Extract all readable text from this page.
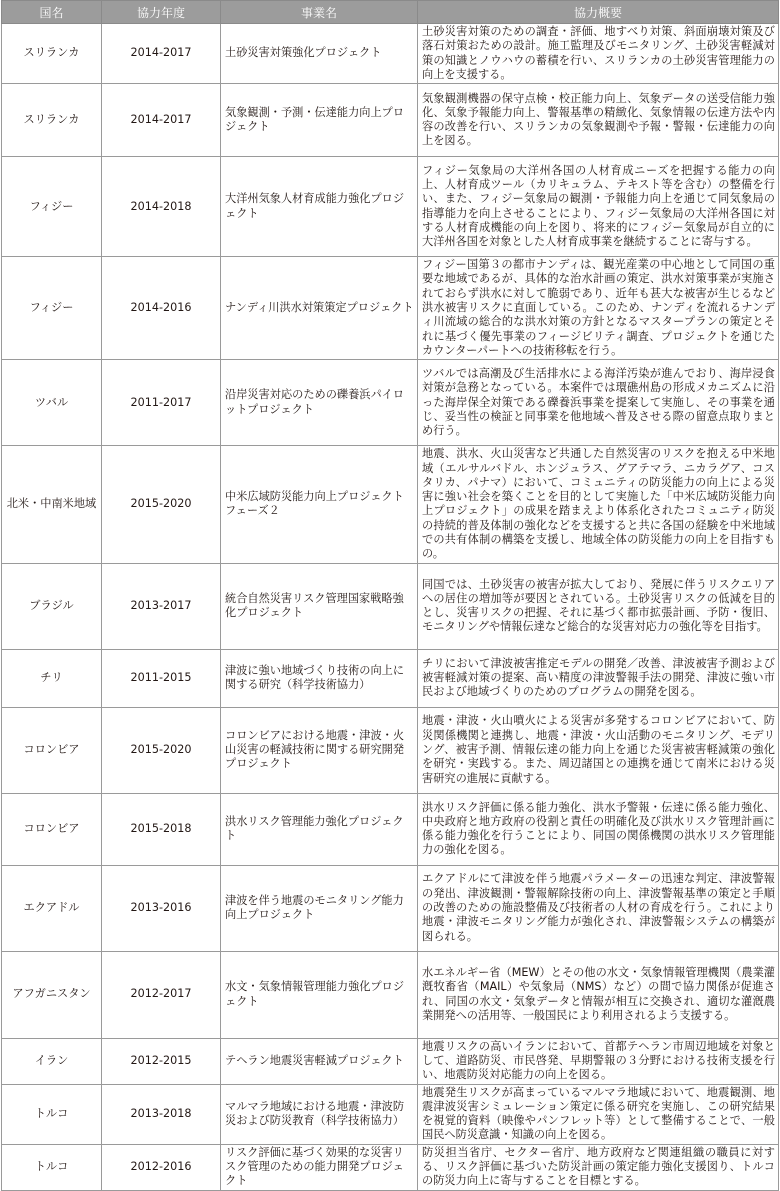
国名	協力年度	事業名	協力概要
スリランカ	2014-2017	土砂災害対策強化プロジェクト	土砂災害対策のための調査・評価、地すべり対策、斜面崩壊対策及び落石対策おための設計。施工監理及びモニタリング、土砂災害軽減対策の知識とノウハウの蓄積を行い、スリランカの土砂災害管理能力の向上を支援する。
スリランカ	2014-2017	気象観測・予測・伝達能力向上プロジェクト	気象観測機器の保守点検・校正能力向上、気象データの送受信能力強化、気象予報能力向上、警報基準の精緻化、気象情報の伝達方法や内容の改善を行い、スリランカの気象観測や予報・警報・伝達能力の向上を図る。
フィジー	2014-2018	大洋州気象人材育成能力強化プロジェクト	フィジー気象局の大洋州各国の人材育成ニーズを把握する能力の向上、人材育成ツール（カリキュラム、テキスト等を含む）の整備を行い、また、フィジー気象局の観測・予報能力向上を通じて同気象局の指導能力を向上させることにより、フィジー気象局の大洋州各国に対する人材育成機能の向上を図り、将来的にフィジー気象局が自立的に大洋州各国を対象とした人材育成事業を継続することに寄与する。
フィジー	2014-2016	ナンディ川洪水対策策定プロジェクト	フィジー国第３の都市ナンディは、観光産業の中心地として同国の重要な地域であるが、具体的な治水計画の策定、洪水対策事業が実施されておらず洪水に対して脆弱であり、近年も甚大な被害が生じるなど洪水被害リスクに直面している。このため、ナンディを流れるナンディ川流域の総合的な洪水対策の方針となるマスタープランの策定とそれに基づく優先事業のフィージビリティ調査、プロジェクトを通じたカウンターパートへの技術移転を行う。
ツバル	2011-2017	沿岸災害対応のための礫養浜パイロットプロジェクト	ツバルでは高潮及び生活排水による海洋汚染が進んでおり、海岸浸食対策が急務となっている。本案件では環礁州島の形成メカニズムに沿った海岸保全対策である礫養浜事業を提案して実施し、その事業を通じ、妥当性の検証と同事業を他地域へ普及させる際の留意点取りまとめ行う。
北米・中南米地域	2015-2020	中米広域防災能力向上プロジェクトフェーズ２	地震、洪水、火山災害など共通した自然災害のリスクを抱える中米地域（エルサルバドル、ホンジュラス、グアテマラ、ニカラグア、コスタリカ、パナマ）において、コミュニティの防災能力の向上による災害に強い社会を築くことを目的として実施した「中米広域防災能力向上プロジェクト」の成果を踏まえより体系化されたコミュニティ防災の持続的普及体制の強化などを支援すると共に各国の経験を中米地域での共有体制の構築を支援し、地域全体の防災能力の向上を目指すもの。
ブラジル	2013-2017	統合自然災害リスク管理国家戦略強化プロジェクト	同国では、土砂災害の被害が拡大しており、発展に伴うリスクエリアへの居住の増加等が要因とされている。土砂災害リスクの低減を目的とし、災害リスクの把握、それに基づく都市拡張計画、予防・復旧、モニタリングや情報伝達など総合的な災害対応力の強化等を目指す。
チリ	2011-2015	津波に強い地域づくり技術の向上に関する研究（科学技術協力）	チリにおいて津波被害推定モデルの開発／改善、津波被害予測および被害軽減対策の提案、高い精度の津波警報手法の開発、津波に強い市民および地域づくりのためのプログラムの開発を図る。
コロンビア	2015-2020	コロンビアにおける地震・津波・火山災害の軽減技術に関する研究開発プロジェクト	地震・津波・火山噴火による災害が多発するコロンビアにおいて、防災関係機関と連携し、地震・津波・火山活動のモニタリング、モデリング、被害予測、情報伝達の能力向上を通じた災害被害軽減策の強化を研究・実践する。また、周辺諸国との連携を通じて南米における災害研究の進展に貢献する。
コロンビア	2015-2018	洪水リスク管理能力強化プロジェクト	洪水リスク評価に係る能力強化、洪水予警報・伝達に係る能力強化、中央政府と地方政府の役割と責任の明確化及び洪水リスク管理計画に係る能力強化を行うことにより、同国の関係機関の洪水リスク管理能力の強化を図る。
エクアドル	2013-2016	津波を伴う地震のモニタリング能力向上プロジェクト	エクアドルにて津波を伴う地震パラメーターの迅速な判定、津波警報の発出、津波観測・警報解除技術の向上、津波警報基準の策定と手順の改善のための施設整備及び技術者の人材の育成を行う。これにより地震・津波モニタリング能力が強化され、津波警報システムの構築が図られる。
アフガニスタン	2012-2017	水文・気象情報管理能力強化プロジェクト	水エネルギー省（MEW）とその他の水文・気象情報管理機関（農業灌漑牧畜省（MAIL）や気象局（NMS）など）の間で協力関係が促進され、同国の水文・気象データと情報が相互に交換され、適切な灌漑農業開発への活用等、一般国民により利用されるよう支援する。
イラン	2012-2015	テヘラン地震災害軽減プロジェクト	地震リスクの高いイランにおいて、首都テヘラン市周辺地域を対象として、道路防災、市民啓発、早期警報の３分野における技術支援を行い、地震防災対応能力の向上を図る。
トルコ	2013-2018	マルマラ地域における地震・津波防災および防災教育（科学技術協力）	地震発生リスクが高まっているマルマラ地域において、地震観測、地震津波災害シミュレーション策定に係る研究を実施し、この研究結果を視覚的資料（映像やパンフレット等）として整備することで、一般国民へ防災意識・知識の向上を図る。
トルコ	2012-2016	リスク評価に基づく効果的な災害リスク管理のための能力開発プロジェクト	防災担当省庁、セクター省庁、地方政府など関連組織の職員に対する、リスク評価に基づいた防災計画の策定能力強化支援図り、トルコの防災力向上に寄与することを目標とする。
